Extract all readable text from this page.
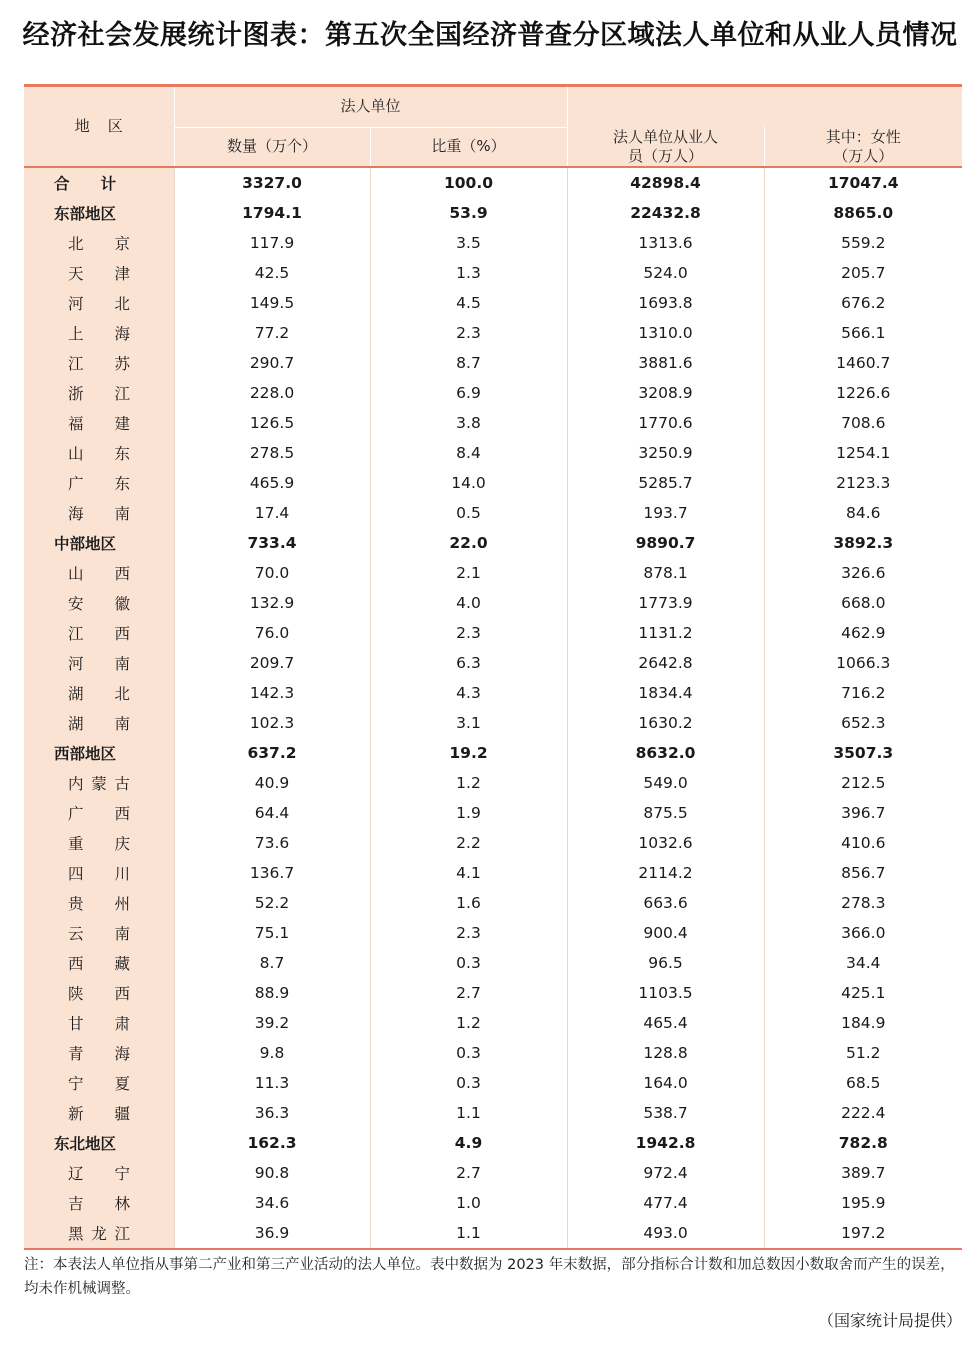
经济社会发展统计图表：第五次全国经济普查分区域法人单位和从业人员情况
地区	法人单位			
	数量（万个）	比重（%）	法人单位从业人员（万人）	其中：女性（万人）
合计	3327.0	100.0	42898.4	17047.4
东部地区	1794.1	53.9	22432.8	8865.0
北京	117.9	3.5	1313.6	559.2
天津	42.5	1.3	524.0	205.7
河北	149.5	4.5	1693.8	676.2
上海	77.2	2.3	1310.0	566.1
江苏	290.7	8.7	3881.6	1460.7
浙江	228.0	6.9	3208.9	1226.6
福建	126.5	3.8	1770.6	708.6
山东	278.5	8.4	3250.9	1254.1
广东	465.9	14.0	5285.7	2123.3
海南	17.4	0.5	193.7	84.6
中部地区	733.4	22.0	9890.7	3892.3
山西	70.0	2.1	878.1	326.6
安徽	132.9	4.0	1773.9	668.0
江西	76.0	2.3	1131.2	462.9
河南	209.7	6.3	2642.8	1066.3
湖北	142.3	4.3	1834.4	716.2
湖南	102.3	3.1	1630.2	652.3
西部地区	637.2	19.2	8632.0	3507.3
内蒙古	40.9	1.2	549.0	212.5
广西	64.4	1.9	875.5	396.7
重庆	73.6	2.2	1032.6	410.6
四川	136.7	4.1	2114.2	856.7
贵州	52.2	1.6	663.6	278.3
云南	75.1	2.3	900.4	366.0
西藏	8.7	0.3	96.5	34.4
陕西	88.9	2.7	1103.5	425.1
甘肃	39.2	1.2	465.4	184.9
青海	9.8	0.3	128.8	51.2
宁夏	11.3	0.3	164.0	68.5
新疆	36.3	1.1	538.7	222.4
东北地区	162.3	4.9	1942.8	782.8
辽宁	90.8	2.7	972.4	389.7
吉林	34.6	1.0	477.4	195.9
黑龙江	36.9	1.1	493.0	197.2
注：本表法人单位指从事第二产业和第三产业活动的法人单位。表中数据为 2023 年末数据，部分指标合计数和加总数因小数取舍而产生的误差，均未作机械调整。
（国家统计局提供）
